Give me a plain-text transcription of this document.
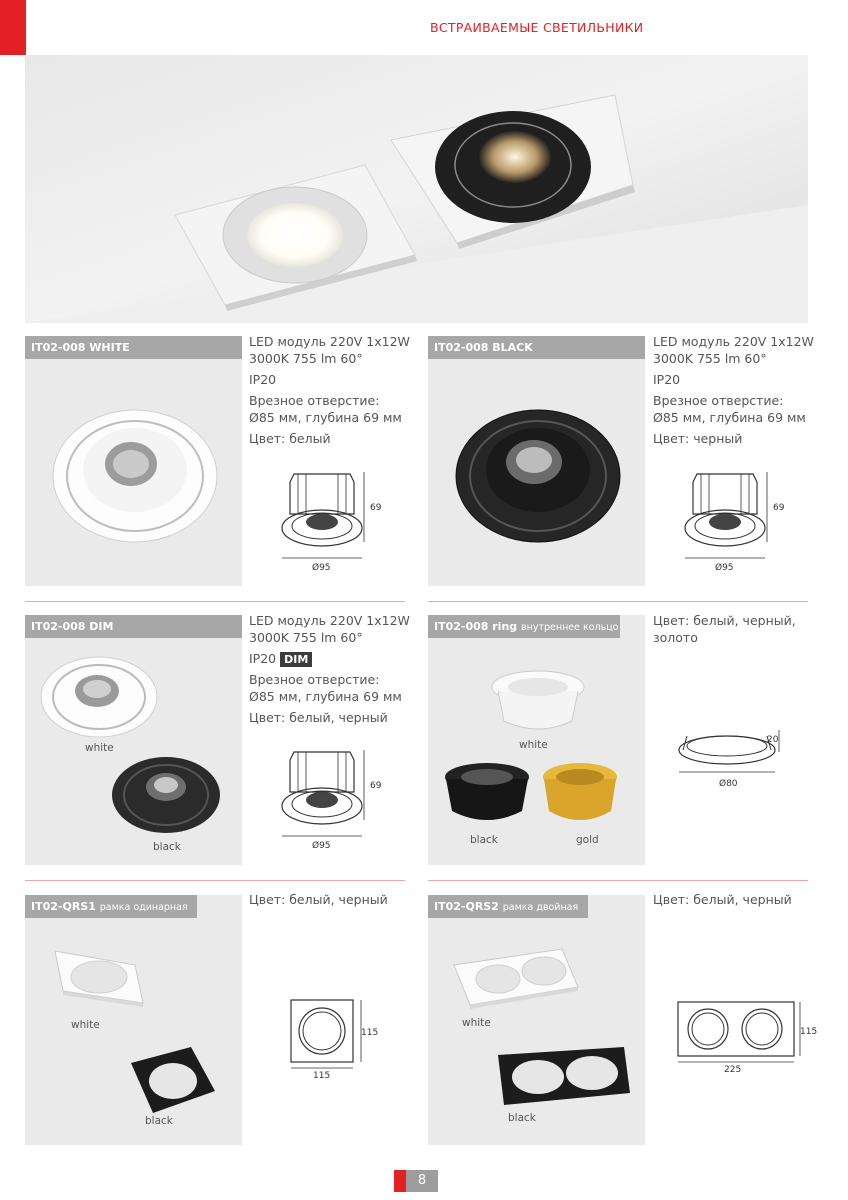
ВСТРАИВАЕМЫЕ СВЕТИЛЬНИКИ
IT02-008 WHITE	LED модуль 220V 1x12W
3000K 755 lm 60°
IP20
Врезное отверстие:
Ø85 мм, глубина 69 мм
Цвет: белый
69
Ø95
IT02-008 BLACK	LED модуль 220V 1x12W
3000K 755 lm 60°
IP20
Врезное отверстие:
Ø85 мм, глубина 69 мм
Цвет: черный
69
Ø95
IT02-008 DIM
white
black
LED модуль 220V 1x12W
3000K 755 lm 60°
IP20 DIM
Врезное отверстие:
Ø85 мм, глубина 69 мм
Цвет: белый, черный
69
Ø95
IT02-008 ring внутреннее кольцо
white
black	gold
Цвет: белый, черный,
золото
20
Ø80
IT02-QRS1 рамка одинарная
white
black
Цвет: белый, черный
115
115
IT02-QRS2 рамка двойная
white
black
Цвет: белый, черный
115
225
8
